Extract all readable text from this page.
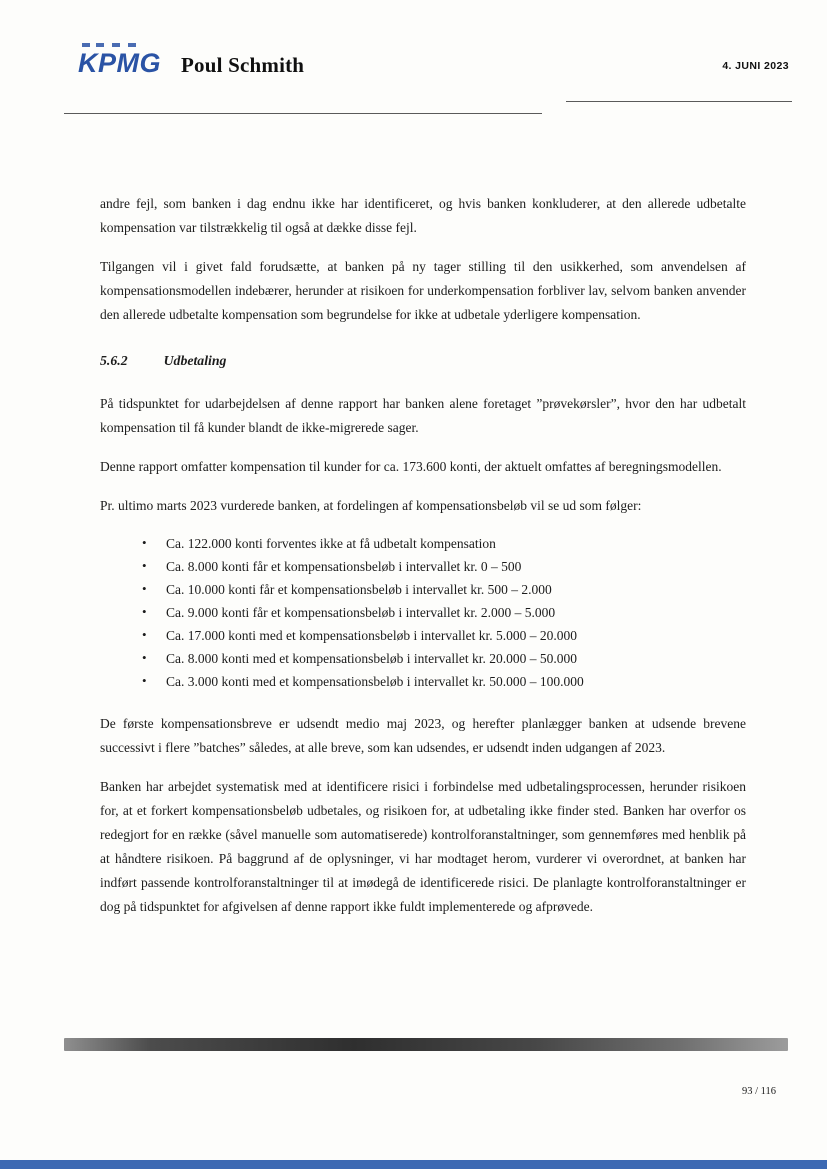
KPMG Poul Schmith	4. JUNI 2023

andre fejl, som banken i dag endnu ikke har identificeret, og hvis banken konkluderer, at den allerede udbetalte kompensation var tilstrækkelig til også at dække disse fejl.

Tilgangen vil i givet fald forudsætte, at banken på ny tager stilling til den usikkerhed, som anvendelsen af kompensationsmodellen indebærer, herunder at risikoen for underkompensation forbliver lav, selvom banken anvender den allerede udbetalte kompensation som begrundelse for ikke at udbetale yderligere kompensation.

5.6.2	Udbetaling

På tidspunktet for udarbejdelsen af denne rapport har banken alene foretaget ”prøvekørsler”, hvor den har udbetalt kompensation til få kunder blandt de ikke-migrerede sager.

Denne rapport omfatter kompensation til kunder for ca. 173.600 konti, der aktuelt omfattes af beregningsmodellen.

Pr. ultimo marts 2023 vurderede banken, at fordelingen af kompensationsbeløb vil se ud som følger:

• Ca. 122.000 konti forventes ikke at få udbetalt kompensation
• Ca. 8.000 konti får et kompensationsbeløb i intervallet kr. 0 – 500
• Ca. 10.000 konti får et kompensationsbeløb i intervallet kr. 500 – 2.000
• Ca. 9.000 konti får et kompensationsbeløb i intervallet kr. 2.000 – 5.000
• Ca. 17.000 konti med et kompensationsbeløb i intervallet kr. 5.000 – 20.000
• Ca. 8.000 konti med et kompensationsbeløb i intervallet kr. 20.000 – 50.000
• Ca. 3.000 konti med et kompensationsbeløb i intervallet kr. 50.000 – 100.000

De første kompensationsbreve er udsendt medio maj 2023, og herefter planlægger banken at udsende brevene successivt i flere ”batches” således, at alle breve, som kan udsendes, er udsendt inden udgangen af 2023.

Banken har arbejdet systematisk med at identificere risici i forbindelse med udbetalingsprocessen, herunder risikoen for, at et forkert kompensationsbeløb udbetales, og risikoen for, at udbetaling ikke finder sted. Banken har overfor os redegjort for en række (såvel manuelle som automatiserede) kontrolforanstaltninger, som gennemføres med henblik på at håndtere risikoen. På baggrund af de oplysninger, vi har modtaget herom, vurderer vi overordnet, at banken har indført passende kontrolforanstaltninger til at imødegå de identificerede risici. De planlagte kontrolforanstaltninger er dog på tidspunktet for afgivelsen af denne rapport ikke fuldt implementerede og afprøvede.

93 / 116
